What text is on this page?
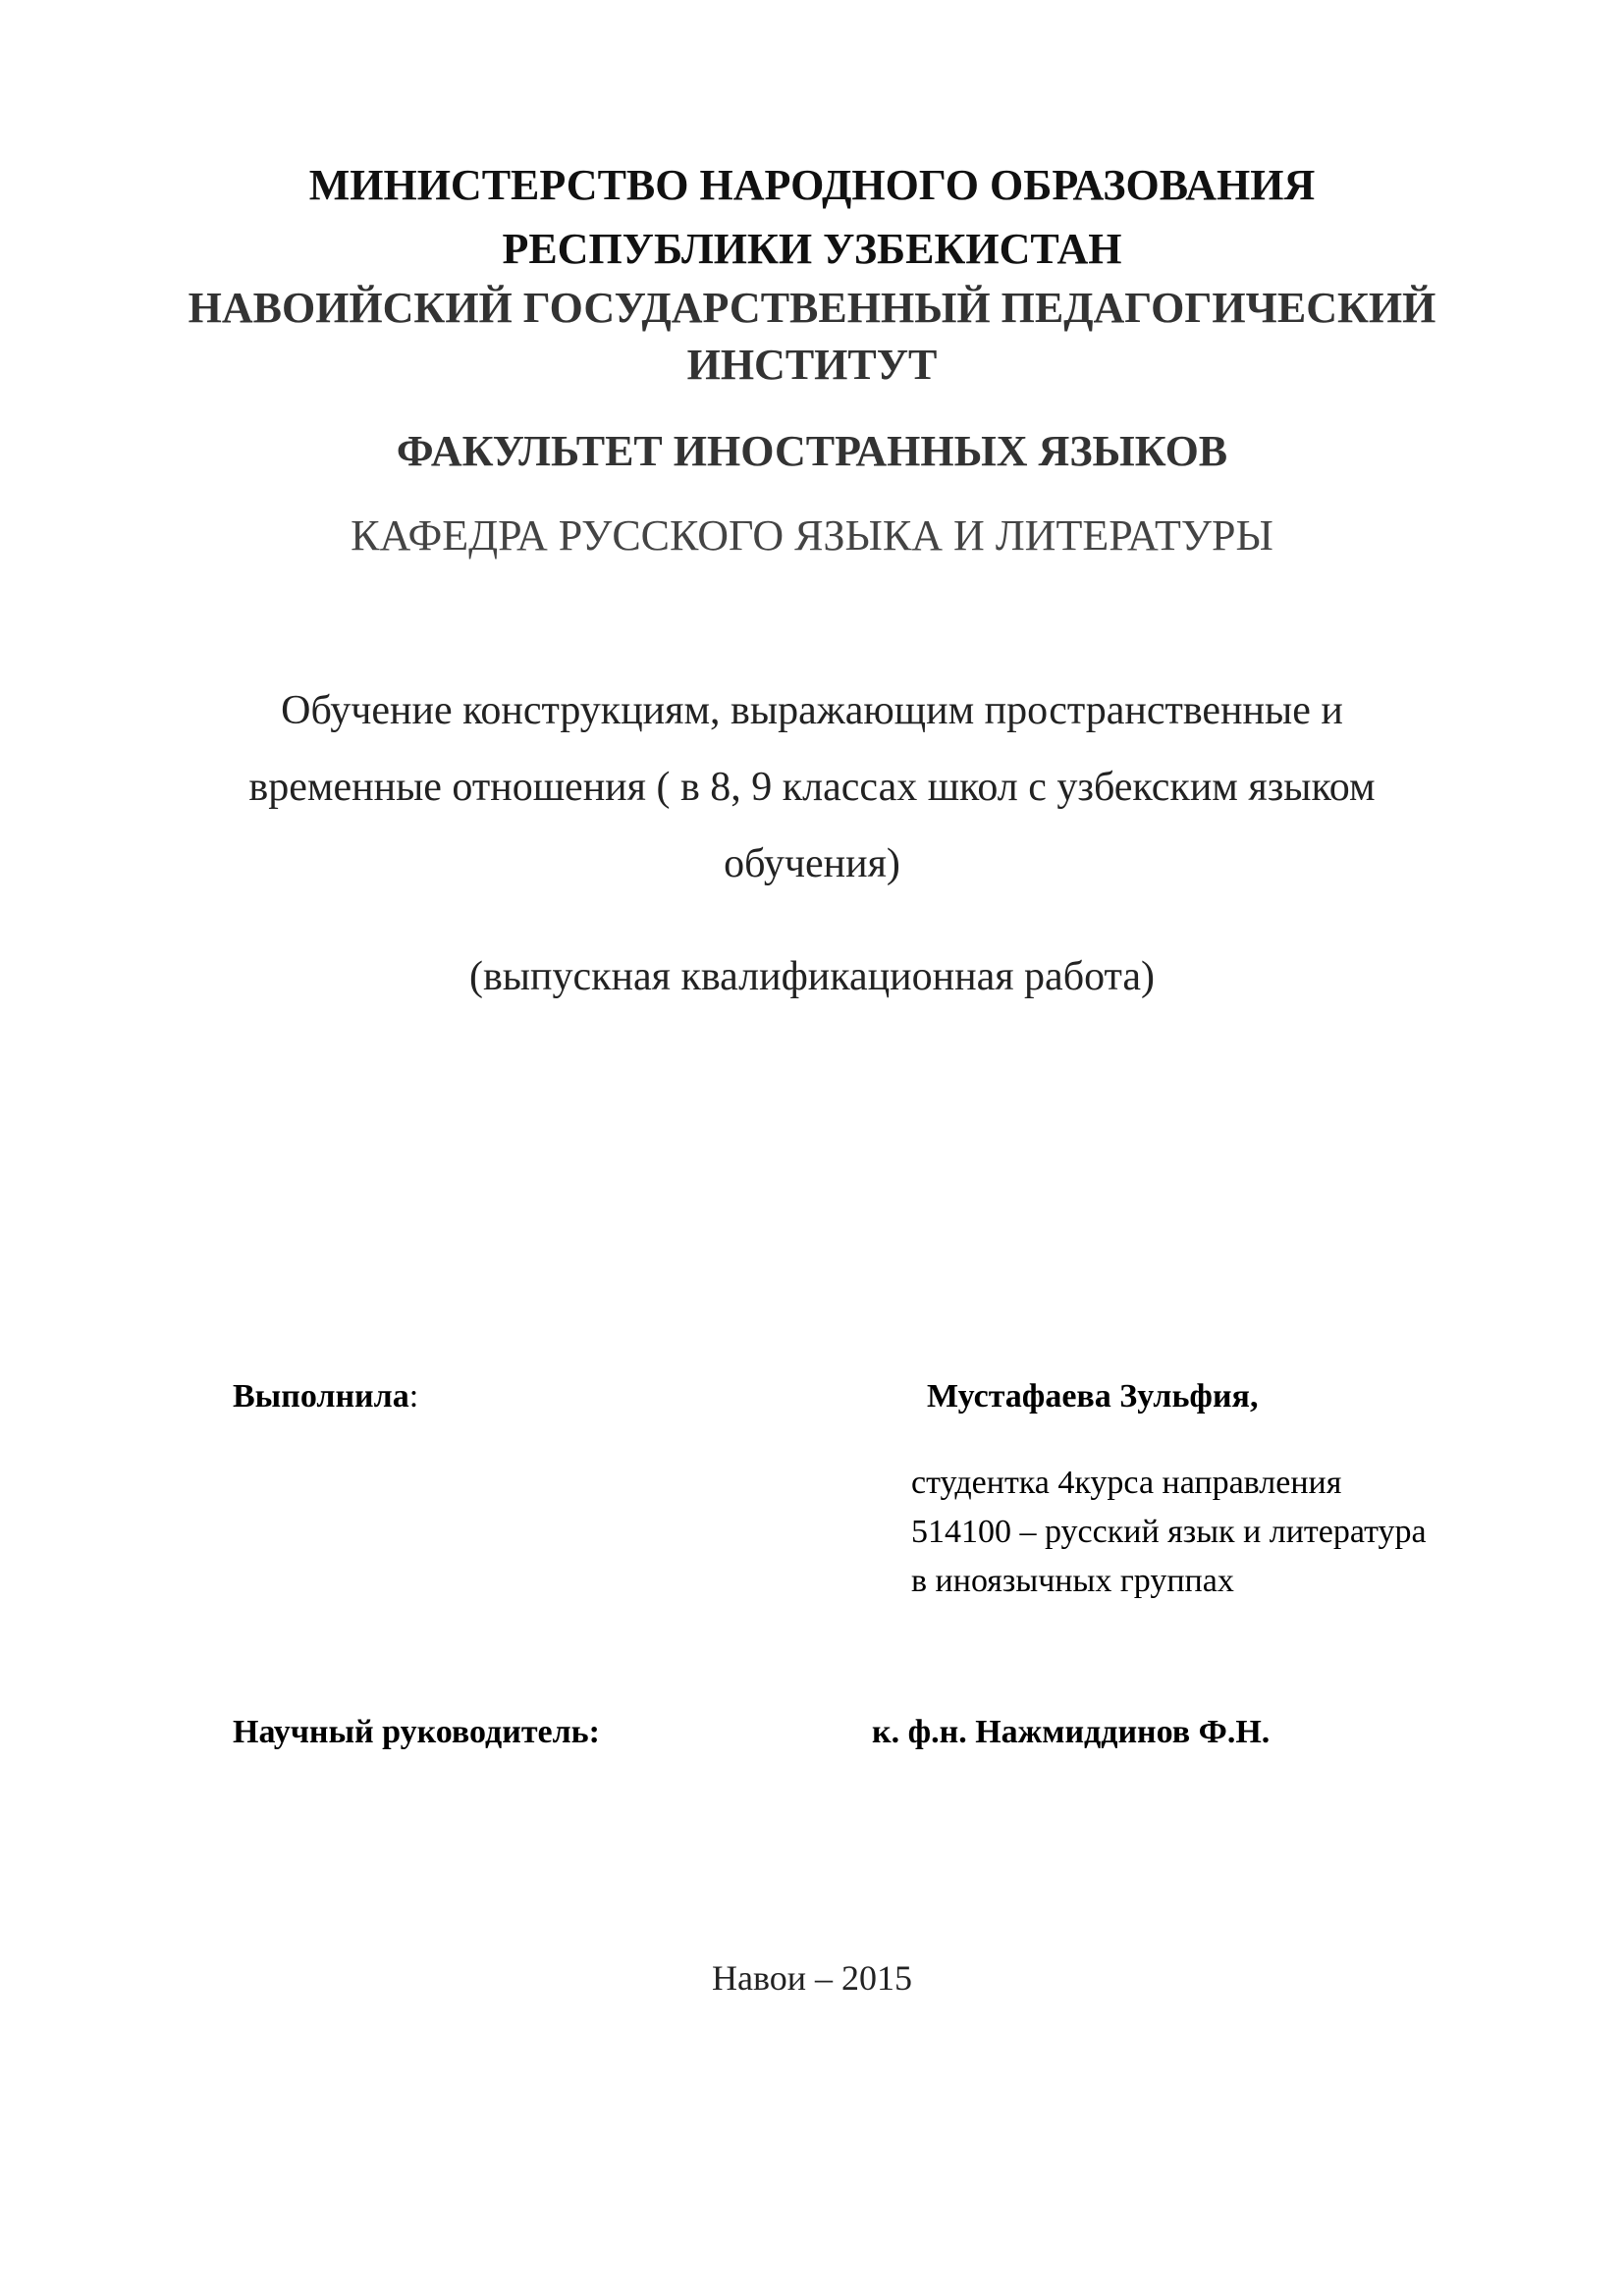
МИНИСТЕРСТВО НАРОДНОГО ОБРАЗОВАНИЯ
РЕСПУБЛИКИ УЗБЕКИСТАН
НАВОИЙСКИЙ ГОСУДАРСТВЕННЫЙ ПЕДАГОГИЧЕСКИЙ
ИНСТИТУТ
ФАКУЛЬТЕТ ИНОСТРАННЫХ ЯЗЫКОВ
КАФЕДРА РУССКОГО ЯЗЫКА И ЛИТЕРАТУРЫ
Обучение конструкциям, выражающим пространственные и
временные отношения ( в 8, 9 классах школ с узбекским языком
обучения)
(выпускная квалификационная работа)
Выполнила:	Мустафаева Зульфия,
студентка 4курса направления
514100 – русский язык и литература
в иноязычных группах
Научный руководитель:	к. ф.н. Нажмиддинов Ф.Н.
Навои – 2015
